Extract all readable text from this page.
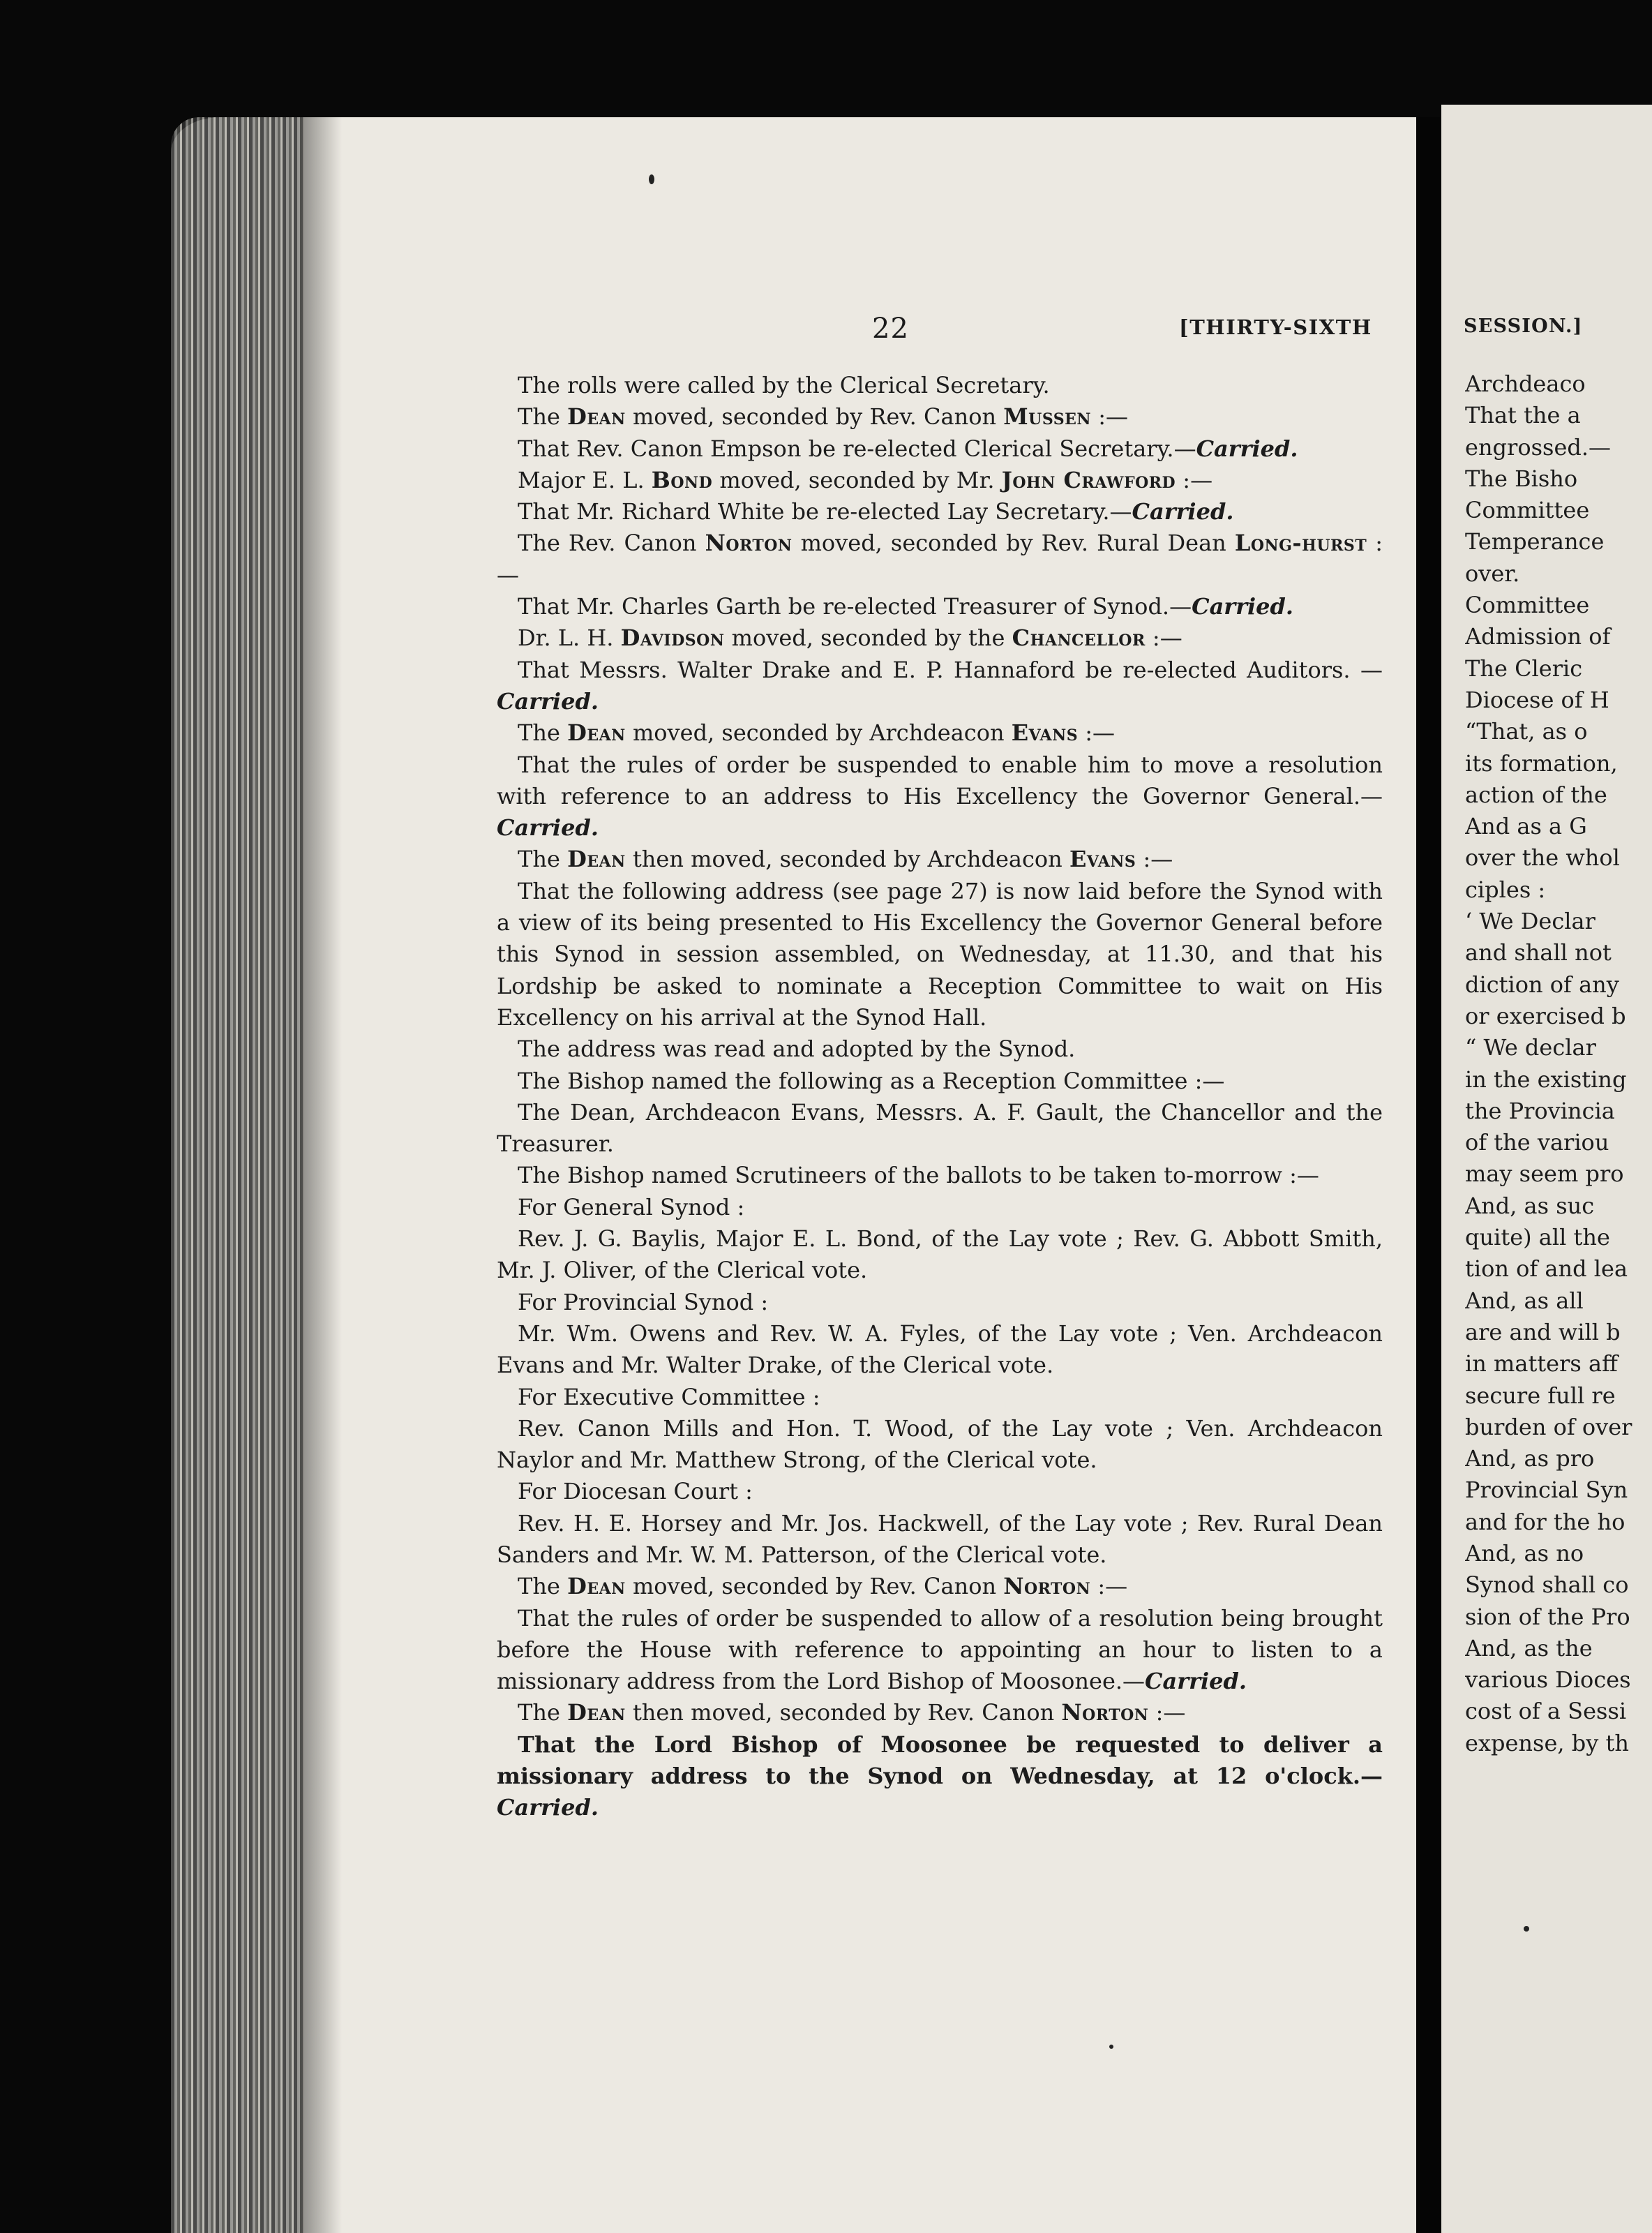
22	[THIRTY-SIXTH

The rolls were called by the Clerical Secretary.

The Dean moved, seconded by Rev. Canon Mussen :—

That Rev. Canon Empson be re-elected Clerical Secretary.—Carried.

Major E. L. Bond moved, seconded by Mr. John Crawford :—

That Mr. Richard White be re-elected Lay Secretary.—Carried.

The Rev. Canon Norton moved, seconded by Rev. Rural Dean Long-hurst :—

That Mr. Charles Garth be re-elected Treasurer of Synod.—Carried.

Dr. L. H. Davidson moved, seconded by the Chancellor :—

That Messrs. Walter Drake and E. P. Hannaford be re-elected Auditors. —Carried.

The Dean moved, seconded by Archdeacon Evans :—

That the rules of order be suspended to enable him to move a resolution with reference to an address to His Excellency the Governor General.—Carried.

The Dean then moved, seconded by Archdeacon Evans :—

That the following address (see page 27) is now laid before the Synod with a view of its being presented to His Excellency the Governor General before this Synod in session assembled, on Wednesday, at 11.30, and that his Lordship be asked to nominate a Reception Committee to wait on His Excellency on his arrival at the Synod Hall.

The address was read and adopted by the Synod.

The Bishop named the following as a Reception Committee :—

The Dean, Archdeacon Evans, Messrs. A. F. Gault, the Chancellor and the Treasurer.

The Bishop named Scrutineers of the ballots to be taken to-morrow :—

For General Synod :

Rev. J. G. Baylis, Major E. L. Bond, of the Lay vote ; Rev. G. Abbott Smith, Mr. J. Oliver, of the Clerical vote.

For Provincial Synod :

Mr. Wm. Owens and Rev. W. A. Fyles, of the Lay vote ; Ven. Archdeacon Evans and Mr. Walter Drake, of the Clerical vote.

For Executive Committee :

Rev. Canon Mills and Hon. T. Wood, of the Lay vote ; Ven. Archdeacon Naylor and Mr. Matthew Strong, of the Clerical vote.

For Diocesan Court :

Rev. H. E. Horsey and Mr. Jos. Hackwell, of the Lay vote ; Rev. Rural Dean Sanders and Mr. W. M. Patterson, of the Clerical vote.

The Dean moved, seconded by Rev. Canon Norton :—

That the rules of order be suspended to allow of a resolution being brought before the House with reference to appointing an hour to listen to a missionary address from the Lord Bishop of Moosonee.—Carried.

The Dean then moved, seconded by Rev. Canon Norton :—

That the Lord Bishop of Moosonee be requested to deliver a missionary address to the Synod on Wednesday, at 12 o'clock.—Carried.

SESSION.]
Archdeaco
That the a
engrossed.—
The Bisho
Committee
Temperance
over.
Committee
Admission of
The Cleric
Diocese of H
“That, as o
its formation,
action of the
And as a G
over the whol
ciples :
‘ We Declar
and shall not
diction of any
or exercised b
“ We declar
in the existing
the Provincia
of the variou
may seem pro
And, as suc
quite) all the
tion of and lea
And, as all
are and will b
in matters aff
secure full re
burden of over
And, as pro
Provincial Syn
and for the ho
And, as no
Synod shall co
sion of the Pro
And, as the
various Dioces
cost of a Sessi
expense, by th
